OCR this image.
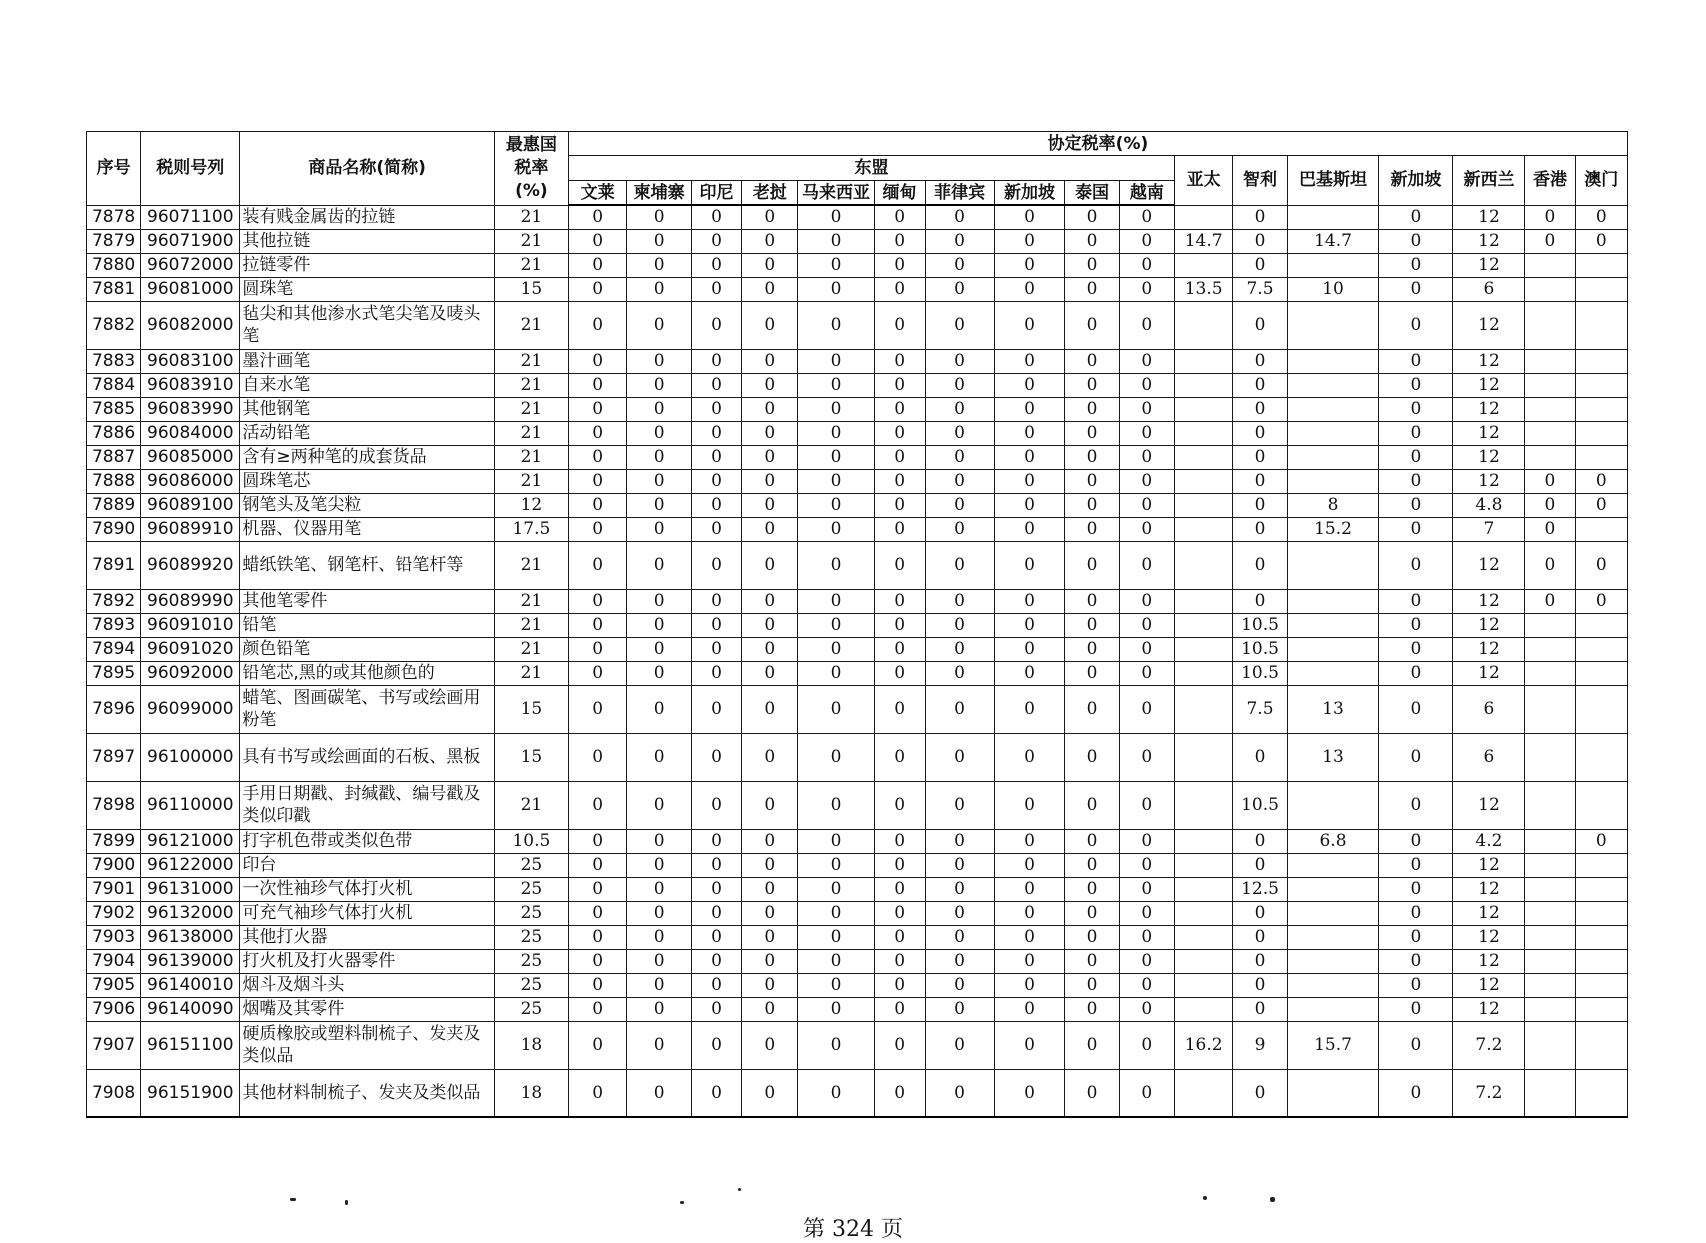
序号	税则号列	商品名称(简称)	最惠国
税率
(%)	协定税率(%)																
				东盟										亚太	智利	巴基斯坦	新加坡	新西兰	香港	澳门
				文莱	柬埔寨	印尼	老挝	马来西亚	缅甸	菲律宾	新加坡	泰国	越南							
7878	96071100	装有贱金属齿的拉链	21	0	0	0	0	0	0	0	0	0	0		0		0	12	0	0
7879	96071900	其他拉链	21	0	0	0	0	0	0	0	0	0	0	14.7	0	14.7	0	12	0	0
7880	96072000	拉链零件	21	0	0	0	0	0	0	0	0	0	0		0		0	12		
7881	96081000	圆珠笔	15	0	0	0	0	0	0	0	0	0	0	13.5	7.5	10	0	6		
7882	96082000	毡尖和其他渗水式笔尖笔及唛头笔	21	0	0	0	0	0	0	0	0	0	0		0		0	12		
7883	96083100	墨汁画笔	21	0	0	0	0	0	0	0	0	0	0		0		0	12		
7884	96083910	自来水笔	21	0	0	0	0	0	0	0	0	0	0		0		0	12		
7885	96083990	其他钢笔	21	0	0	0	0	0	0	0	0	0	0		0		0	12		
7886	96084000	活动铅笔	21	0	0	0	0	0	0	0	0	0	0		0		0	12		
7887	96085000	含有≥两种笔的成套货品	21	0	0	0	0	0	0	0	0	0	0		0		0	12		
7888	96086000	圆珠笔芯	21	0	0	0	0	0	0	0	0	0	0		0		0	12	0	0
7889	96089100	钢笔头及笔尖粒	12	0	0	0	0	0	0	0	0	0	0		0	8	0	4.8	0	0
7890	96089910	机器、仪器用笔	17.5	0	0	0	0	0	0	0	0	0	0		0	15.2	0	7	0	
7891	96089920	蜡纸铁笔、钢笔杆、铅笔杆等	21	0	0	0	0	0	0	0	0	0	0		0		0	12	0	0
7892	96089990	其他笔零件	21	0	0	0	0	0	0	0	0	0	0		0		0	12	0	0
7893	96091010	铅笔	21	0	0	0	0	0	0	0	0	0	0		10.5		0	12		
7894	96091020	颜色铅笔	21	0	0	0	0	0	0	0	0	0	0		10.5		0	12		
7895	96092000	铅笔芯,黑的或其他颜色的	21	0	0	0	0	0	0	0	0	0	0		10.5		0	12		
7896	96099000	蜡笔、图画碳笔、书写或绘画用粉笔	15	0	0	0	0	0	0	0	0	0	0		7.5	13	0	6		
7897	96100000	具有书写或绘画面的石板、黑板	15	0	0	0	0	0	0	0	0	0	0		0	13	0	6		
7898	96110000	手用日期戳、封缄戳、编号戳及类似印戳	21	0	0	0	0	0	0	0	0	0	0		10.5		0	12		
7899	96121000	打字机色带或类似色带	10.5	0	0	0	0	0	0	0	0	0	0		0	6.8	0	4.2		0
7900	96122000	印台	25	0	0	0	0	0	0	0	0	0	0		0		0	12		
7901	96131000	一次性袖珍气体打火机	25	0	0	0	0	0	0	0	0	0	0		12.5		0	12		
7902	96132000	可充气袖珍气体打火机	25	0	0	0	0	0	0	0	0	0	0		0		0	12		
7903	96138000	其他打火器	25	0	0	0	0	0	0	0	0	0	0		0		0	12		
7904	96139000	打火机及打火器零件	25	0	0	0	0	0	0	0	0	0	0		0		0	12		
7905	96140010	烟斗及烟斗头	25	0	0	0	0	0	0	0	0	0	0		0		0	12		
7906	96140090	烟嘴及其零件	25	0	0	0	0	0	0	0	0	0	0		0		0	12		
7907	96151100	硬质橡胶或塑料制梳子、发夹及类似品	18	0	0	0	0	0	0	0	0	0	0	16.2	9	15.7	0	7.2		
7908	96151900	其他材料制梳子、发夹及类似品	18	0	0	0	0	0	0	0	0	0	0		0		0	7.2		
第 324 页
